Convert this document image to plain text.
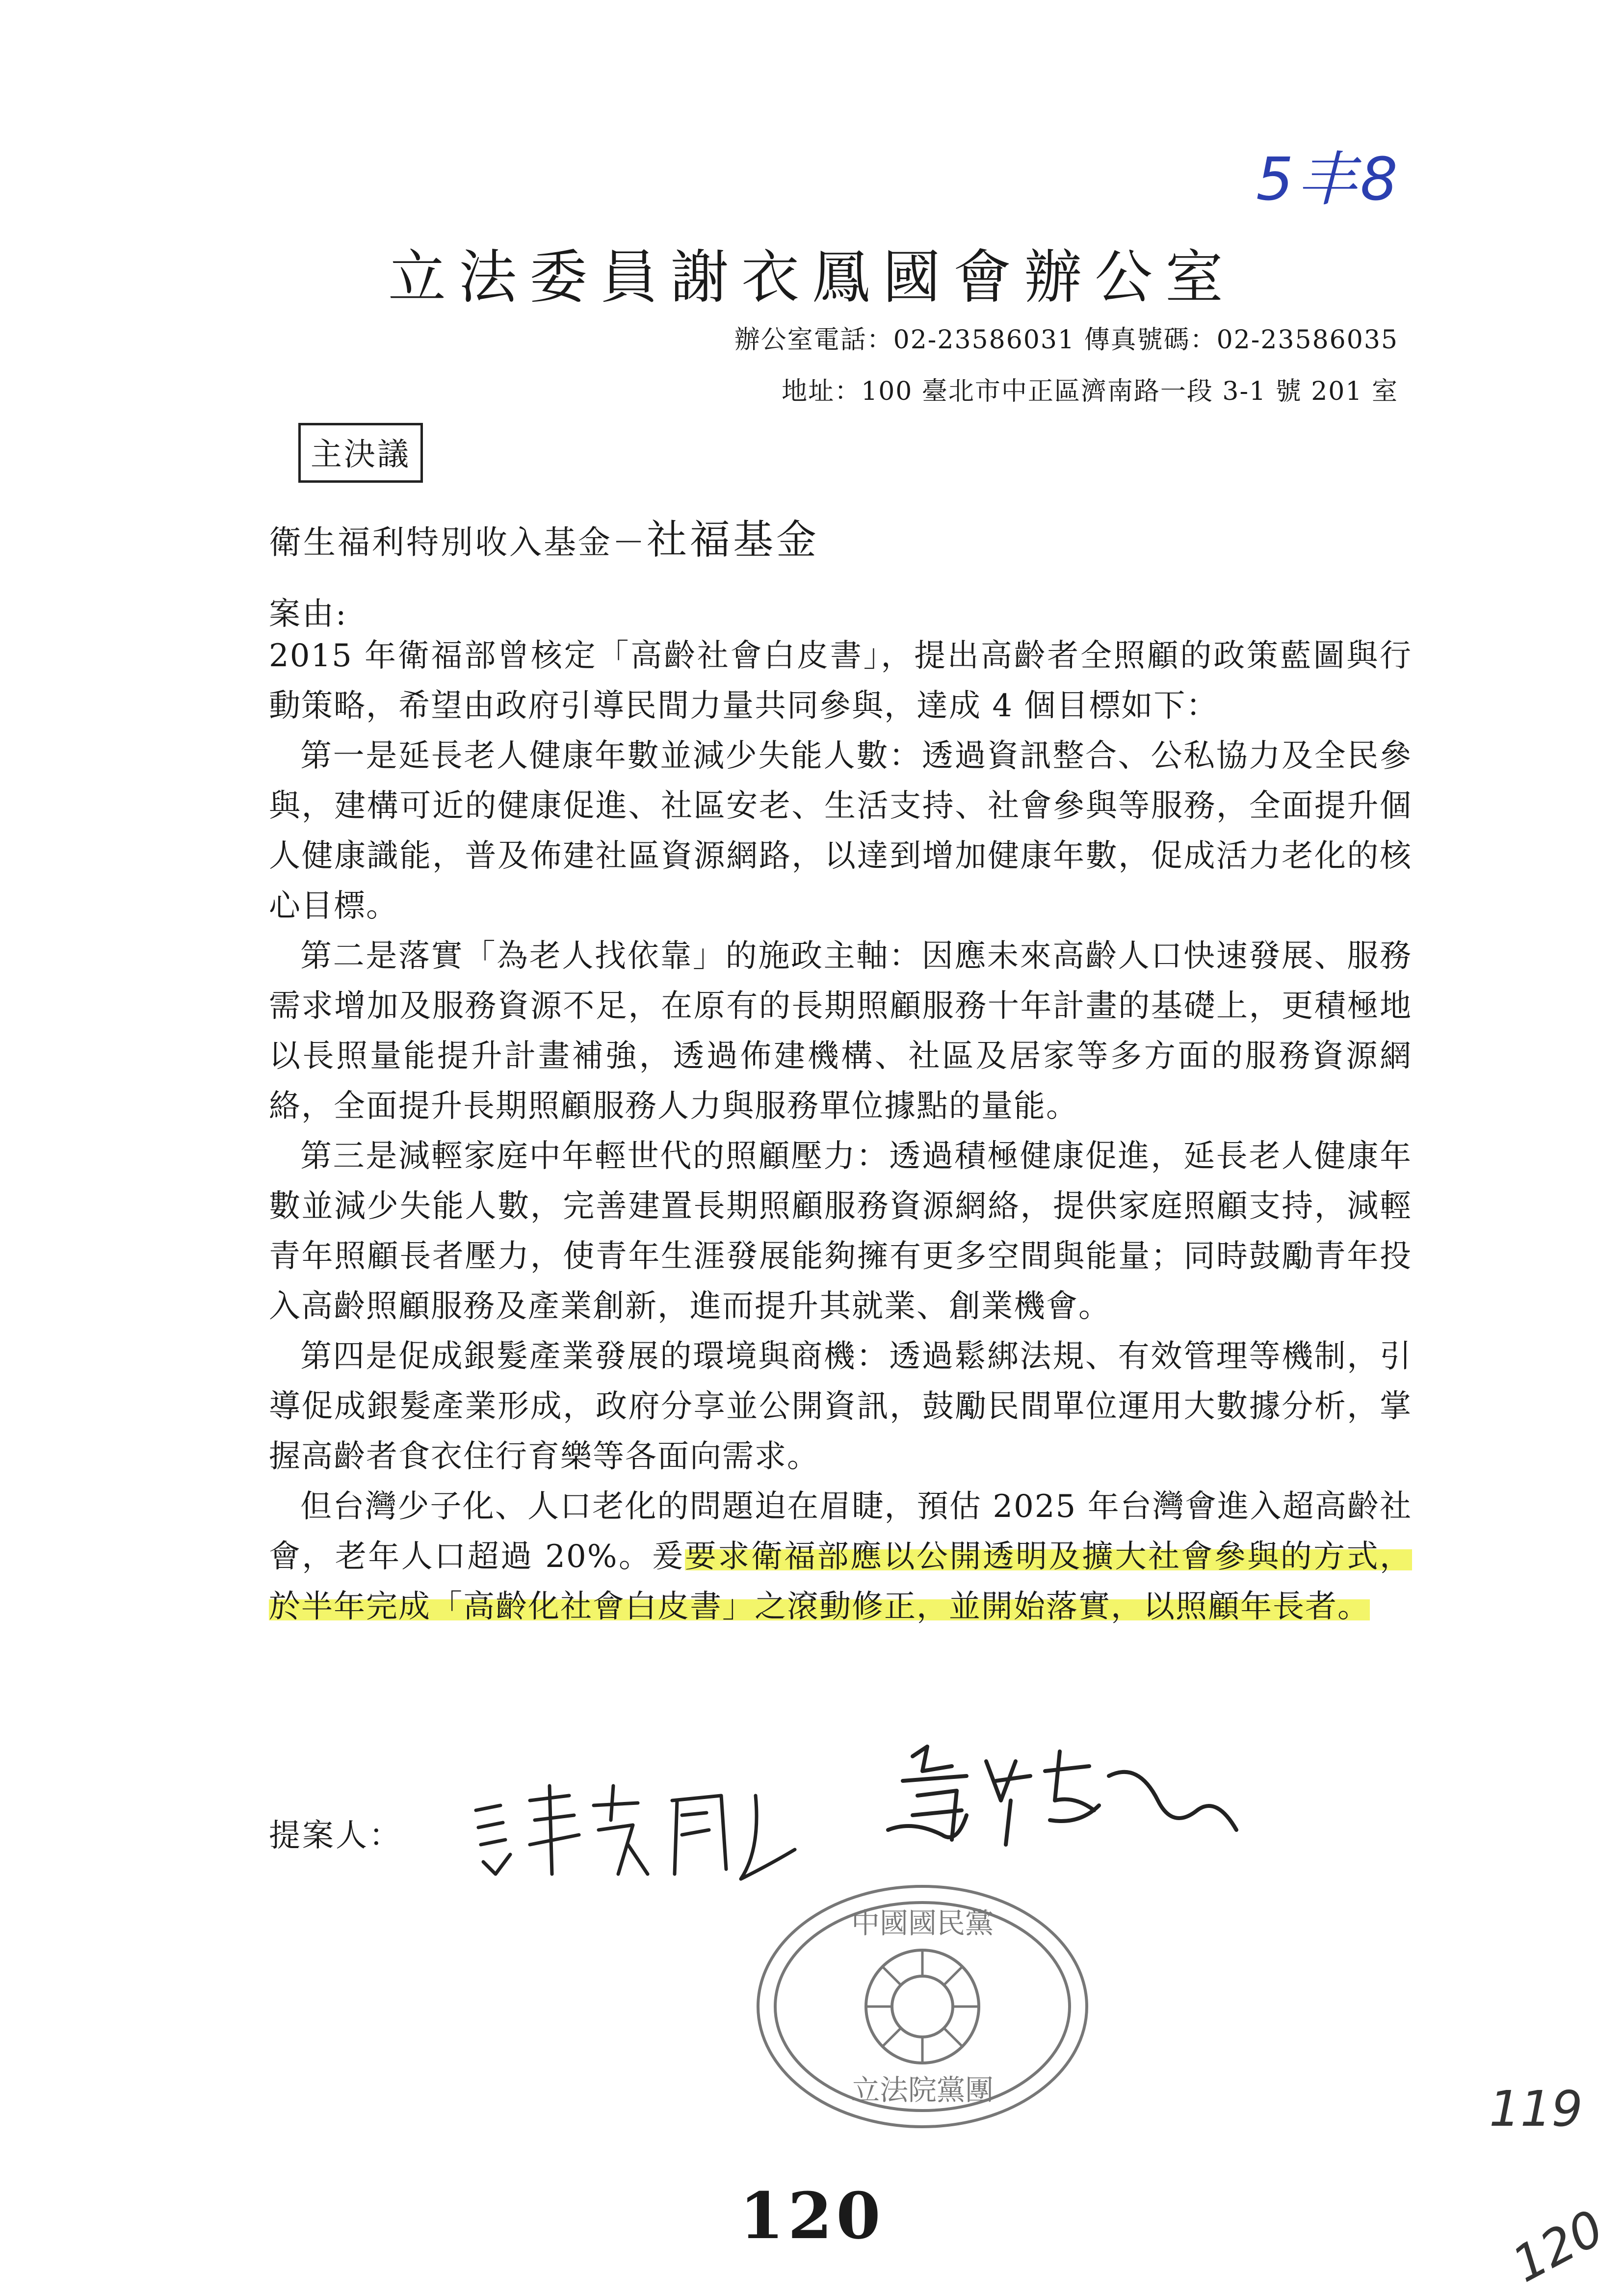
5丰8
立法委員謝衣鳳國會辦公室
辦公室電話：02-23586031 傳真號碼：02-23586035
地址：100 臺北市中正區濟南路一段 3-1 號 201 室
主決議
衛生福利特別收入基金－社福基金
案由:

2015 年衛福部曾核定「高齡社會白皮書」，提出高齡者全照顧的政策藍圖與行動策略，希望由政府引導民間力量共同參與，達成 4 個目標如下：

第一是延長老人健康年數並減少失能人數：透過資訊整合、公私協力及全民參與，建構可近的健康促進、社區安老、生活支持、社會參與等服務，全面提升個人健康識能，普及佈建社區資源網路，以達到增加健康年數，促成活力老化的核心目標。

第二是落實「為老人找依靠」的施政主軸：因應未來高齡人口快速發展、服務需求增加及服務資源不足，在原有的長期照顧服務十年計畫的基礎上，更積極地以長照量能提升計畫補強，透過佈建機構、社區及居家等多方面的服務資源網絡，全面提升長期照顧服務人力與服務單位據點的量能。

第三是減輕家庭中年輕世代的照顧壓力：透過積極健康促進，延長老人健康年數並減少失能人數，完善建置長期照顧服務資源網絡，提供家庭照顧支持，減輕青年照顧長者壓力，使青年生涯發展能夠擁有更多空間與能量；同時鼓勵青年投入高齡照顧服務及產業創新，進而提升其就業、創業機會。

第四是促成銀髮產業發展的環境與商機：透過鬆綁法規、有效管理等機制，引導促成銀髮產業形成，政府分享並公開資訊，鼓勵民間單位運用大數據分析，掌握高齡者食衣住行育樂等各面向需求。

但台灣少子化、人口老化的問題迫在眉睫，預估 2025 年台灣會進入超高齡社會，老年人口超過 20%。爰要求衛福部應以公開透明及擴大社會參與的方式，於半年完成「高齡化社會白皮書」之滾動修正，並開始落實，以照顧年長者。

提案人：
中國國民黨
立法院黨團
120
119
120
